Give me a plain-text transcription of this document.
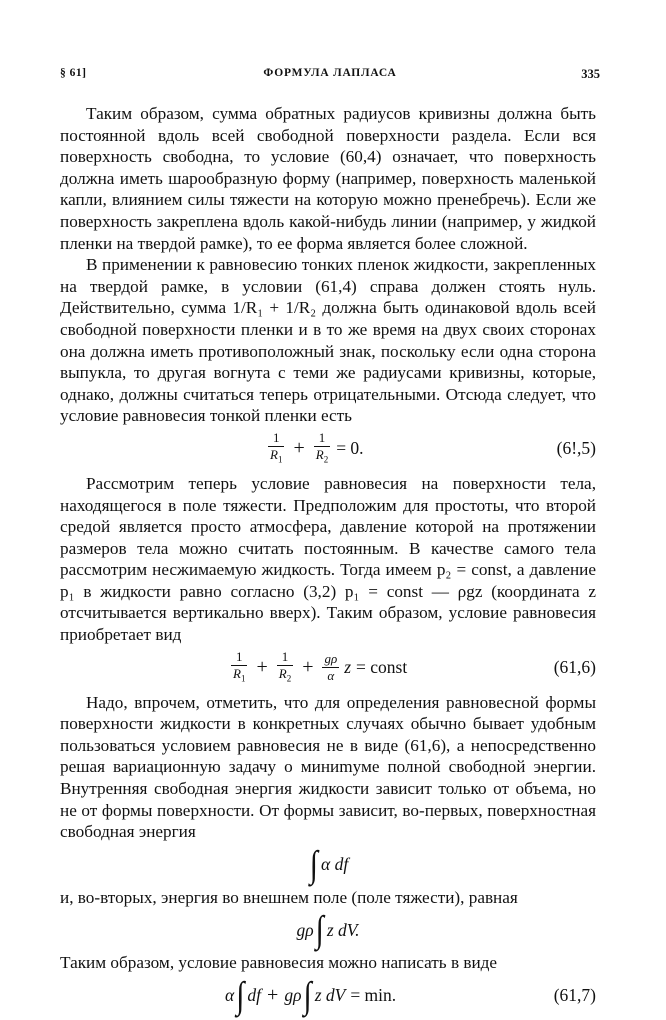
§ 61]	ФОРМУЛА ЛАПЛАСА	335

Таким образом, сумма обратных радиусов кривизны должна быть постоянной вдоль всей свободной поверхности раздела. Если вся поверхность свободна, то условие (60,4) означает, что поверхность должна иметь шарообразную форму (например, поверхность маленькой капли, влиянием силы тяжести на которую можно пренебречь). Если же поверхность закреплена вдоль какой-нибудь линии (например, у жидкой пленки на твердой рамке), то ее форма является более сложной.

В применении к равновесию тонких пленок жидкости, закрепленных на твердой рамке, в условии (61,4) справа должен стоять нуль. Действительно, сумма 1/R₁ + 1/R₂ должна быть одинаковой вдоль всей свободной поверхности пленки и в то же время на двух своих сторонах она должна иметь противоположный знак, поскольку если одна сторона выпукла, то другая вогнута с теми же радиусами кривизны, которые, однако, должны считаться теперь отрицательными. Отсюда следует, что условие равновесия тонкой пленки есть

$\frac{1}{R_1} + \frac{1}{R_2} = 0$.	(6!,5)

Рассмотрим теперь условие равновесия на поверхности тела, находящегося в поле тяжести. Предположим для простоты, что второй средой является просто атмосфера, давление которой на протяжении размеров тела можно считать постоянным. В качестве самого тела рассмотрим несжимаемую жидкость. Тогда имеем p₂ = const, а давление p₁ в жидкости равно согласно (3,2) p₁ = const — ρgz (координата z отсчитывается вертикально вверх). Таким образом, условие равновесия приобретает вид

$\frac{1}{R_1} + \frac{1}{R_2} + \frac{g\rho}{\alpha}$ z = const	(61,6)

Надо, впрочем, отметить, что для определения равновесной формы поверхности жидкости в конкретных случаях обычно бывает удобным пользоваться условием равновесия не в виде (61,6), а непосредственно решая вариационную задачу о миниmуме полной свободной энергии. Внутренняя свободная энергия жидкости зависит только от объема, но не от формы поверхности. От формы зависит, во-первых, поверхностная свободная энергия

∫ α df

и, во-вторых, энергия во внешнем поле (поле тяжести), равная

gρ ∫ z dV.

Таким образом, условие равновесия можно написать в виде

α ∫ df + gρ ∫ z dV = min.	(61,7)
